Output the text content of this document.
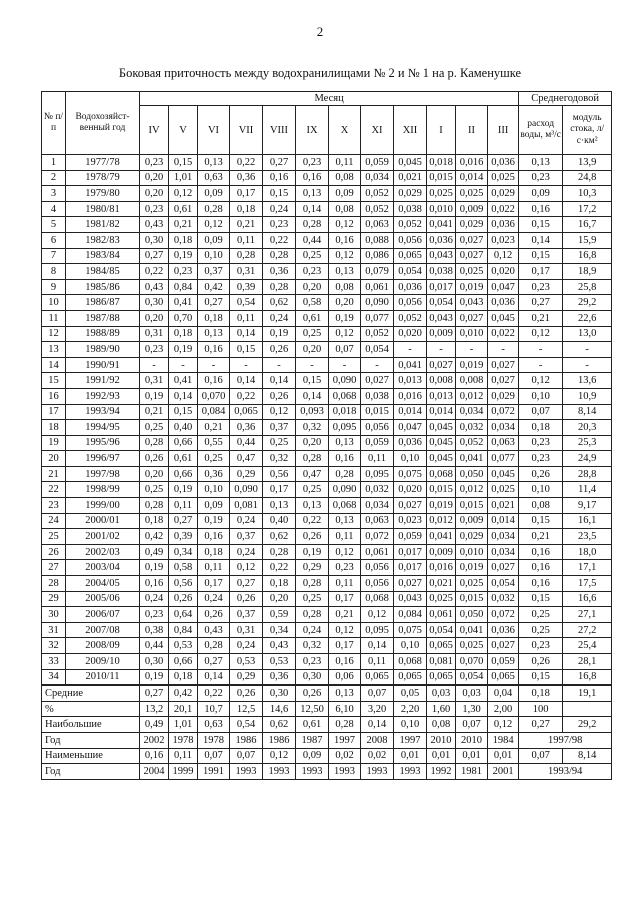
2
Боковая приточность между водохранилищами № 2 и № 1 на р. Каменушке
№ п/п	Водохозяйст-венный год	Месяц												Среднегодовой	
		IV	V	VI	VII	VIII	IX	X	XI	XII	I	II	III	расход воды, м³/с	модуль стока, л/с·км²
1	1977/78	0,23	0,15	0,13	0,22	0,27	0,23	0,11	0,059	0,045	0,018	0,016	0,036	0,13	13,9
2	1978/79	0,20	1,01	0,63	0,36	0,16	0,16	0,08	0,034	0,021	0,015	0,014	0,025	0,23	24,8
3	1979/80	0,20	0,12	0,09	0,17	0,15	0,13	0,09	0,052	0,029	0,025	0,025	0,029	0,09	10,3
4	1980/81	0,23	0,61	0,28	0,18	0,24	0,14	0,08	0,052	0,038	0,010	0,009	0,022	0,16	17,2
5	1981/82	0,43	0,21	0,12	0,21	0,23	0,28	0,12	0,063	0,052	0,041	0,029	0,036	0,15	16,7
6	1982/83	0,30	0,18	0,09	0,11	0,22	0,44	0,16	0,088	0,056	0,036	0,027	0,023	0,14	15,9
7	1983/84	0,27	0,19	0,10	0,28	0,28	0,25	0,12	0,086	0,065	0,043	0,027	0,12	0,15	16,8
8	1984/85	0,22	0,23	0,37	0,31	0,36	0,23	0,13	0,079	0,054	0,038	0,025	0,020	0,17	18,9
9	1985/86	0,43	0,84	0,42	0,39	0,28	0,20	0,08	0,061	0,036	0,017	0,019	0,047	0,23	25,8
10	1986/87	0,30	0,41	0,27	0,54	0,62	0,58	0,20	0,090	0,056	0,054	0,043	0,036	0,27	29,2
11	1987/88	0,20	0,70	0,18	0,11	0,24	0,61	0,19	0,077	0,052	0,043	0,027	0,045	0,21	22,6
12	1988/89	0,31	0,18	0,13	0,14	0,19	0,25	0,12	0,052	0,020	0,009	0,010	0,022	0,12	13,0
13	1989/90	0,23	0,19	0,16	0,15	0,26	0,20	0,07	0,054	-	-	-	-	-	-
14	1990/91	-	-	-	-	-	-	-	-	0,041	0,027	0,019	0,027	-	-
15	1991/92	0,31	0,41	0,16	0,14	0,14	0,15	0,090	0,027	0,013	0,008	0,008	0,027	0,12	13,6
16	1992/93	0,19	0,14	0,070	0,22	0,26	0,14	0,068	0,038	0,016	0,013	0,012	0,029	0,10	10,9
17	1993/94	0,21	0,15	0,084	0,065	0,12	0,093	0,018	0,015	0,014	0,014	0,034	0,072	0,07	8,14
18	1994/95	0,25	0,40	0,21	0,36	0,37	0,32	0,095	0,056	0,047	0,045	0,032	0,034	0,18	20,3
19	1995/96	0,28	0,66	0,55	0,44	0,25	0,20	0,13	0,059	0,036	0,045	0,052	0,063	0,23	25,3
20	1996/97	0,26	0,61	0,25	0,47	0,32	0,28	0,16	0,11	0,10	0,045	0,041	0,077	0,23	24,9
21	1997/98	0,20	0,66	0,36	0,29	0,56	0,47	0,28	0,095	0,075	0,068	0,050	0,045	0,26	28,8
22	1998/99	0,25	0,19	0,10	0,090	0,17	0,25	0,090	0,032	0,020	0,015	0,012	0,025	0,10	11,4
23	1999/00	0,28	0,11	0,09	0,081	0,13	0,13	0,068	0,034	0,027	0,019	0,015	0,021	0,08	9,17
24	2000/01	0,18	0,27	0,19	0,24	0,40	0,22	0,13	0,063	0,023	0,012	0,009	0,014	0,15	16,1
25	2001/02	0,42	0,39	0,16	0,37	0,62	0,26	0,11	0,072	0,059	0,041	0,029	0,034	0,21	23,5
26	2002/03	0,49	0,34	0,18	0,24	0,28	0,19	0,12	0,061	0,017	0,009	0,010	0,034	0,16	18,0
27	2003/04	0,19	0,58	0,11	0,12	0,22	0,29	0,23	0,056	0,017	0,016	0,019	0,027	0,16	17,1
28	2004/05	0,16	0,56	0,17	0,27	0,18	0,28	0,11	0,056	0,027	0,021	0,025	0,054	0,16	17,5
29	2005/06	0,24	0,26	0,24	0,26	0,20	0,25	0,17	0,068	0,043	0,025	0,015	0,032	0,15	16,6
30	2006/07	0,23	0,64	0,26	0,37	0,59	0,28	0,21	0,12	0,084	0,061	0,050	0,072	0,25	27,1
31	2007/08	0,38	0,84	0,43	0,31	0,34	0,24	0,12	0,095	0,075	0,054	0,041	0,036	0,25	27,2
32	2008/09	0,44	0,53	0,28	0,24	0,43	0,32	0,17	0,14	0,10	0,065	0,025	0,027	0,23	25,4
33	2009/10	0,30	0,66	0,27	0,53	0,53	0,23	0,16	0,11	0,068	0,081	0,070	0,059	0,26	28,1
34	2010/11	0,19	0,18	0,14	0,29	0,36	0,30	0,06	0,065	0,065	0,065	0,054	0,065	0,15	16,8
Средние		0,27	0,42	0,22	0,26	0,30	0,26	0,13	0,07	0,05	0,03	0,03	0,04	0,18	19,1
%		13,2	20,1	10,7	12,5	14,6	12,50	6,10	3,20	2,20	1,60	1,30	2,00	100	
Наибольшие		0,49	1,01	0,63	0,54	0,62	0,61	0,28	0,14	0,10	0,08	0,07	0,12	0,27	29,2
Год		2002	1978	1978	1986	1986	1987	1997	2008	1997	2010	2010	1984	1997/98	
Наименьшие		0,16	0,11	0,07	0,07	0,12	0,09	0,02	0,02	0,01	0,01	0,01	0,01	0,07	8,14
Год		2004	1999	1991	1993	1993	1993	1993	1993	1993	1992	1981	2001	1993/94	
